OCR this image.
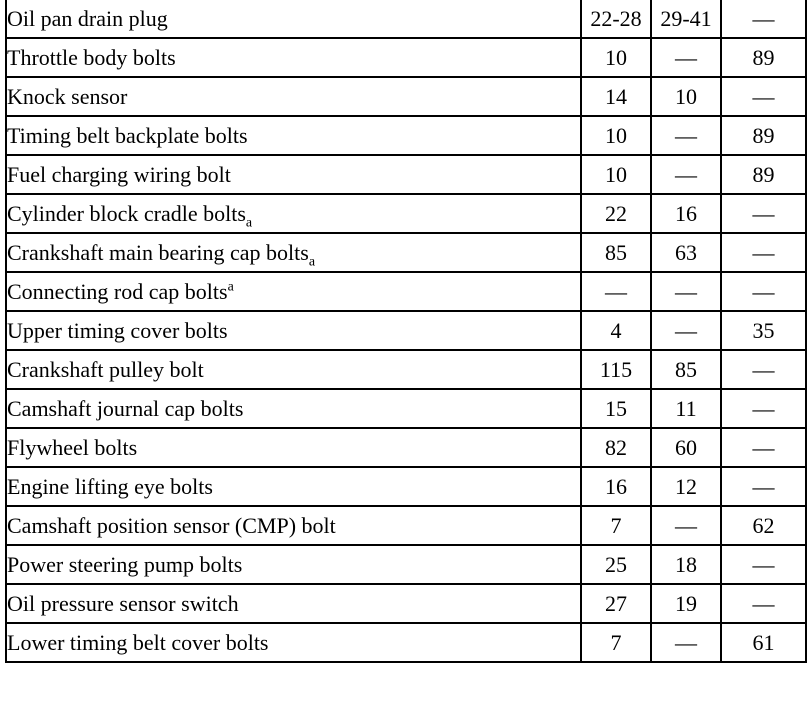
Oil pan drain plug	22-28	29-41	—
Throttle body bolts	10	—	89
Knock sensor	14	10	—
Timing belt backplate bolts	10	—	89
Fuel charging wiring bolt	10	—	89
Cylinder block cradle bolts$_a$	22	16	—
Crankshaft main bearing cap bolts$_a$	85	63	—
Connecting rod cap bolts$^a$	—	—	—
Upper timing cover bolts	4	—	35
Crankshaft pulley bolt	115	85	—
Camshaft journal cap bolts	15	11	—
Flywheel bolts	82	60	—
Engine lifting eye bolts	16	12	—
Camshaft position sensor (CMP) bolt	7	—	62
Power steering pump bolts	25	18	—
Oil pressure sensor switch	27	19	—
Lower timing belt cover bolts	7	—	61
